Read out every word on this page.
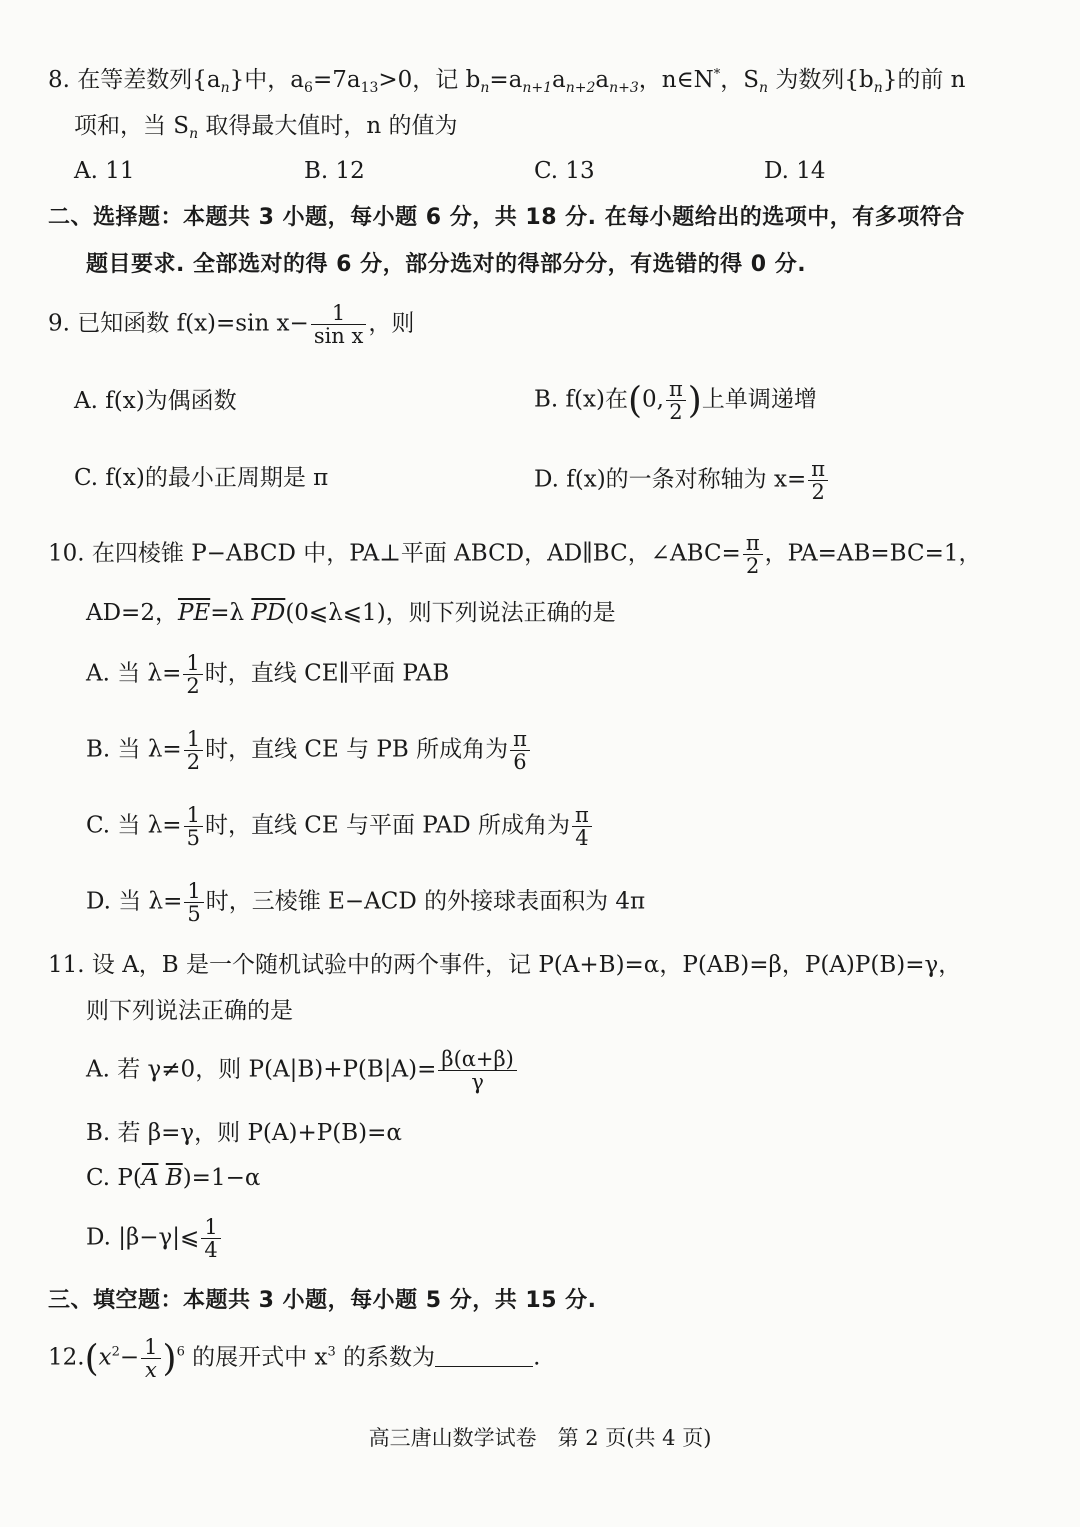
8. 在等差数列$\{a_n\}$中，$a_6=7a_{13}>0$，记 $b_n=a_{n+1}a_{n+2}a_{n+3}$，n∈N*，$S_n$ 为数列$\{b_n\}$的前 n
项和，当 $S_n$ 取得最大值时，n 的值为
A. 11	B. 12	C. 13	D. 14
二、选择题：本题共 3 小题，每小题 6 分，共 18 分. 在每小题给出的选项中，有多项符合
题目要求. 全部选对的得 6 分，部分选对的得部分分，有选错的得 0 分.
9. 已知函数 f(x)=sin $x- \frac{1}{\text{sin x}}$ ，则
A. f(x)为偶函数	B. f(x)在(0, $\frac{\pi}{2}$ )上单调递增
C. f(x)的最小正周期是 π	D. f(x)的一条对称轴为 $x= \frac{\pi}{2}$
10. 在四棱锥 P−ABCD 中，PA⊥平面 ABCD，AD∥BC，∠ABC= $\frac{\pi}{2}$ ，PA=AB=BC=1，
AD=2，$\overline{PE}=\lambda$ $\overline{PD}(0⩽\lambda⩽1)$，则下列说法正确的是
A. 当 $\lambda= \frac{1}{2}$ 时，直线 CE∥平面 PAB
B. 当 $\lambda= \frac{1}{2}$ 时，直线 CE 与 PB 所成角为 $\frac{\pi}{6}$
C. 当 $\lambda= \frac{1}{5}$ 时，直线 CE 与平面 PAD 所成角为 $\frac{\pi}{4}$
D. 当 $\lambda= \frac{1}{5}$ 时，三棱锥 E−ACD 的外接球表面积为 4π
11. 设 A，B 是一个随机试验中的两个事件，记 P(A+B)=α，P(AB)=β，P(A)P(B)=γ，
则下列说法正确的是
A. 若 γ≠0，则 $P(A|B)+P(B|A)= \frac{\beta(\alpha+\beta)}{\gamma}$
B. 若 β=γ，则 P(A)+P(B)=α
C. $P(\overline{A}$ $\overline{B})=1-\alpha$
D. |β−γ|⩽ $\frac{1}{4}$
三、填空题：本题共 3 小题，每小题 5 分，共 15 分.
$12.(x^2- \frac{1}{x} )^6$ 的展开式中 $x^3$ 的系数为	.
高三唐山数学试卷　第 2 页(共 4 页)
